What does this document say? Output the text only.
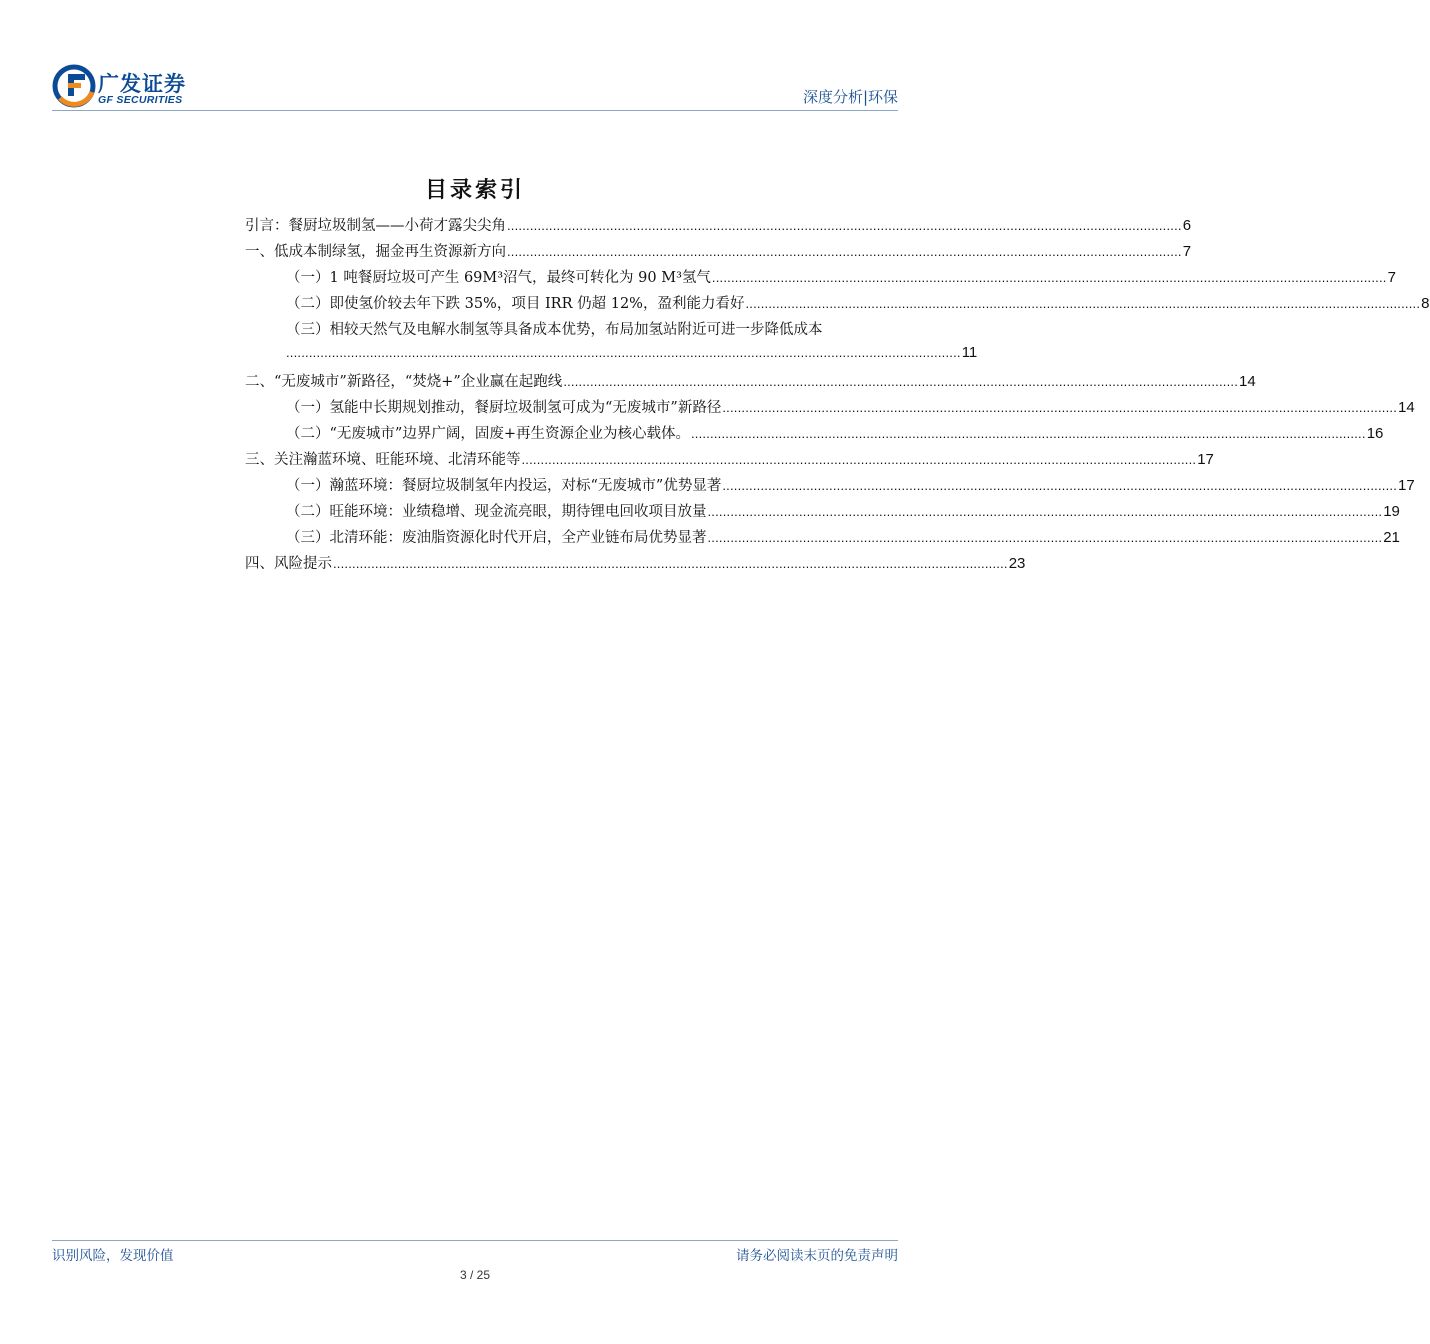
广发证券
GF SECURITIES	深度分析|环保
目录索引
引言：餐厨垃圾制氢——小荷才露尖尖角 ................................................................................................................................................................................. 6
一、低成本制绿氢，掘金再生资源新方向 ................................................................................................................................................................................. 7
（一）1 吨餐厨垃圾可产生 69M³沼气，最终可转化为 90 M³氢气 ................................................................................................................................................................................. 7
（二）即使氢价较去年下跌 35%，项目 IRR 仍超 12%，盈利能力看好 ................................................................................................................................................................................. 8
（三）相较天然气及电解水制氢等具备成本优势，布局加氢站附近可进一步降低成本
................................................................................................................................................................................. 11
二、“无废城市”新路径，“焚烧+”企业赢在起跑线 ................................................................................................................................................................................. 14
（一）氢能中长期规划推动，餐厨垃圾制氢可成为“无废城市”新路径 ................................................................................................................................................................................. 14
（二）“无废城市”边界广阔，固废+再生资源企业为核心载体。 ................................................................................................................................................................................. 16
三、关注瀚蓝环境、旺能环境、北清环能等 ................................................................................................................................................................................. 17
（一）瀚蓝环境：餐厨垃圾制氢年内投运，对标“无废城市”优势显著 ................................................................................................................................................................................. 17
（二）旺能环境：业绩稳增、现金流亮眼，期待锂电回收项目放量 ................................................................................................................................................................................. 19
（三）北清环能：废油脂资源化时代开启，全产业链布局优势显著 ................................................................................................................................................................................. 21
四、风险提示 ................................................................................................................................................................................. 23
识别风险，发现价值	请务必阅读末页的免责声明
3 / 25
